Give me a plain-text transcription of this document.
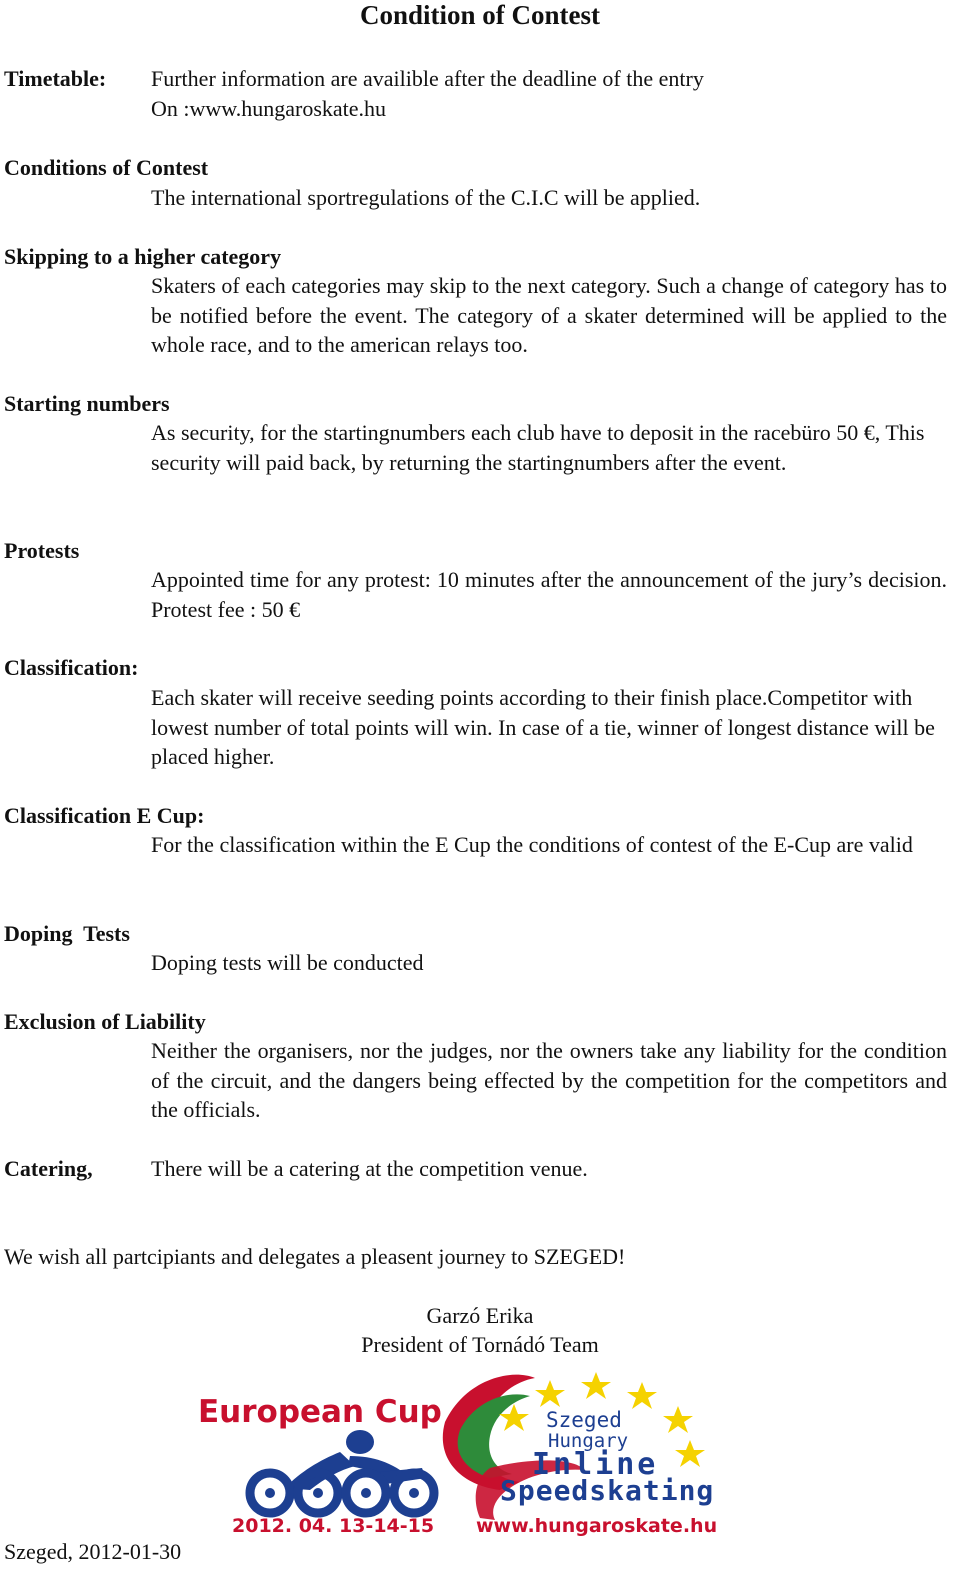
Condition of Contest
Timetable: Further information are availible after the deadline of the entry
On :www.hungaroskate.hu
Conditions of Contest
The international sportregulations of the C.I.C will be applied.
Skipping to a higher category
Skaters of each categories may skip to the next category. Such a change of category has to be notified before the event. The category of a skater determined will be applied to the whole race, and to the american relays too.
Starting numbers
As security, for the startingnumbers each club have to deposit in the racebüro 50 €, This security will paid back, by returning the startingnumbers after the event.
Protests
Appointed time for any protest: 10 minutes after the announcement of the jury’s decision. Protest fee : 50 €
Classification:
Each skater will receive seeding points according to their finish place.Competitor with lowest number of total points will win. In case of a tie, winner of longest distance will be placed higher.
Classification E Cup:
For the classification within the E Cup the conditions of contest of the E-Cup are valid
Doping  Tests
Doping tests will be conducted
Exclusion of Liability
Neither the organisers, nor the judges, nor the owners take any liability for the condition of the circuit, and the dangers being effected by the competition for the competitors and the officials.
Catering,	There will be a catering at the competition venue.
We wish all partcipiants and delegates a pleasent journey to SZEGED!
Garzó Erika
President of Tornádó Team
European Cup	Szeged
Hungary
Inline
Speedskating
2012. 04. 13-14-15 www.hungaroskate.hu
Szeged, 2012-01-30
